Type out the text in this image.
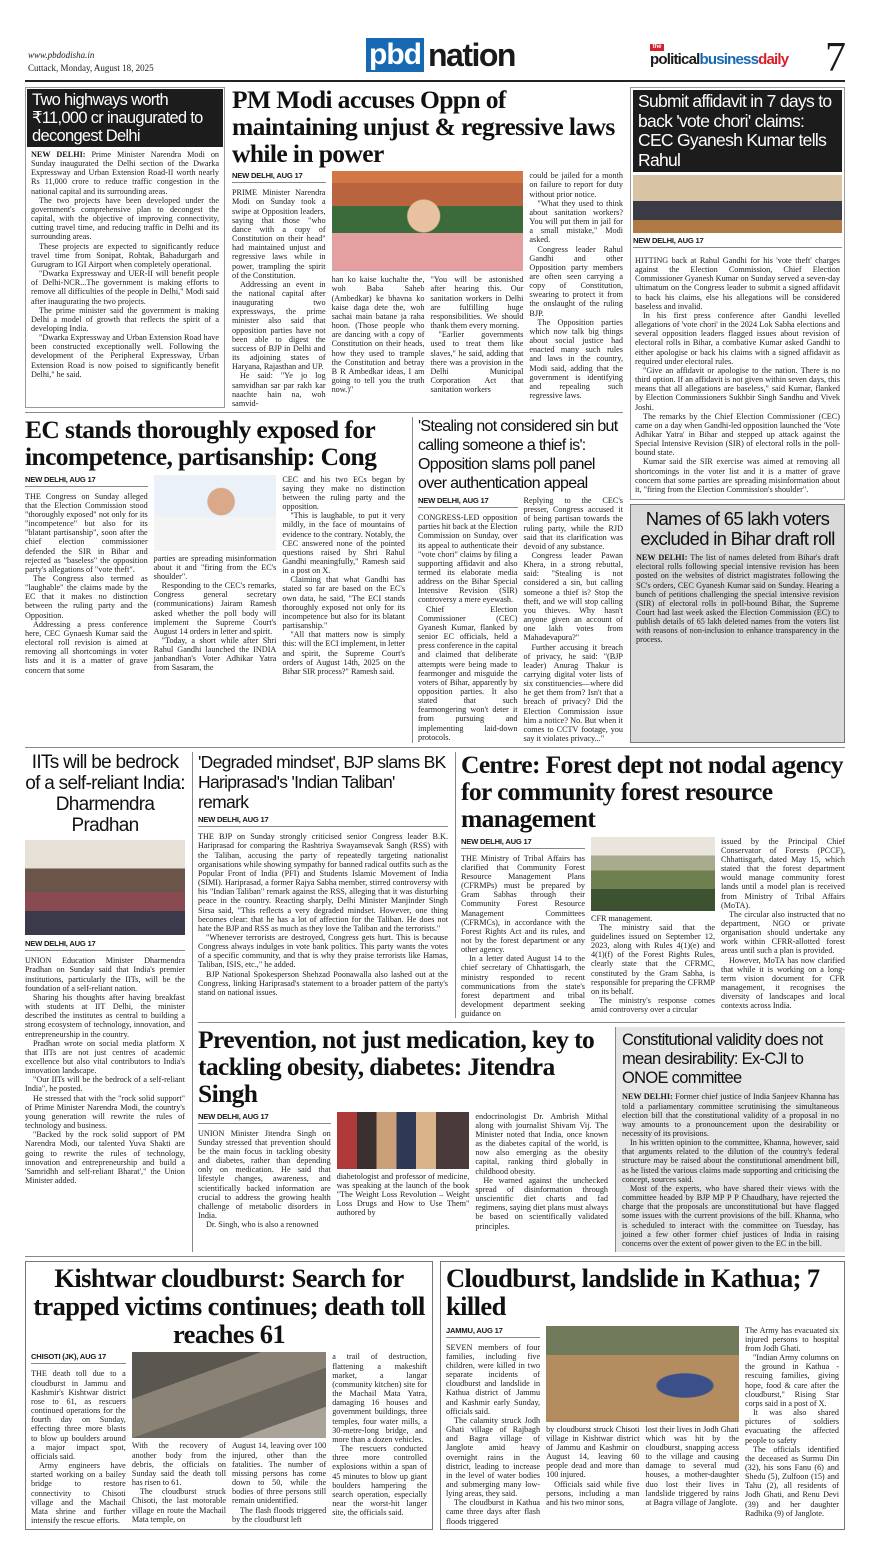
www.pbdodisha.in
Cuttack, Monday, August 18, 2025	pbd nation	the
politicalbusinessdaily 7
Two highways worth ₹11,000 cr inaugurated to decongest Delhi

NEW DELHI: Prime Minister Narendra Modi on Sunday inaugurated the Delhi section of the Dwarka Expressway and Urban Extension Road-II worth nearly Rs 11,000 crore to reduce traffic congestion in the national capital and its surrounding areas.

The two projects have been developed under the government's comprehensive plan to decongest the capital, with the objective of improving connectivity, cutting travel time, and reducing traffic in Delhi and its surrounding areas.

These projects are expected to significantly reduce travel time from Sonipat, Rohtak, Bahadurgarh and Gurugram to IGI Airport when completely operational.

"Dwarka Expressway and UER-II will benefit people of Delhi-NCR...The government is making efforts to remove all difficulties of the people in Delhi," Modi said after inaugurating the two projects.

The prime minister said the government is making Delhi a model of growth that reflects the spirit of a developing India.

"Dwarka Expressway and Urban Extension Road have been constructed exceptionally well. Following the development of the Peripheral Expressway, Urban Extension Road is now poised to significantly benefit Delhi," he said.

PM Modi accuses Oppn of maintaining unjust & regressive laws while in power
NEW DELHI, AUG 17

PRIME Minister Narendra Modi on Sunday took a swipe at Opposition leaders, saying that those "who dance with a copy of Constitution on their head" had maintained unjust and regressive laws while in power, trampling the spirit of the Constitution.

Addressing an event in the national capital after inaugurating two expressways, the prime minister also said that opposition parties have not been able to digest the success of BJP in Delhi and its adjoining states of Haryana, Rajasthan and UP.

He said: "Ye jo log samvidhan sar par rakh kar naachte hain na, woh samvid-

han ko kaise kuchalte the, woh Baba Saheb (Ambedkar) ke bhavna ko kaise daga dete the, woh sachai main batane ja raha hoon. (Those people who are dancing with a copy of Constitution on their heads, how they used to trample the Constitution and betray B R Ambedkar ideas, I am going to tell you the truth now.)"

"You will be astonished after hearing this. Our sanitation workers in Delhi are fulfilling huge responsibilities. We should thank them every morning.

"Earlier governments used to treat them like slaves," he said, adding that there was a provision in the Delhi Municipal Corporation Act that sanitation workers

could be jailed for a month on failure to report for duty without prior notice.

"What they used to think about sanitation workers? You will put them in jail for a small mistake," Modi asked.

Congress leader Rahul Gandhi and other Opposition party members are often seen carrying a copy of Constitution, swearing to protect it from the onslaught of the ruling BJP.

The Opposition parties which now talk big things about social justice had enacted many such rules and laws in the country, Modi said, adding that the government is identifying and repealing such regressive laws.

EC stands thoroughly exposed for incompetence, partisanship: Cong
NEW DELHI, AUG 17

THE Congress on Sunday alleged that the Election Commission stood "thoroughly exposed" not only for its "incompetence" but also for its "blatant partisanship", soon after the chief election commissioner defended the SIR in Bihar and rejected as "baseless" the opposition party's allegations of "vote theft".

The Congress also termed as "laughable" the claims made by the EC that it makes no distinction between the ruling party and the Opposition.

Addressing a press conference here, CEC Gynaesh Kumar said the electoral roll revision is aimed at removing all shortcomings in voter lists and it is a matter of grave concern that some

parties are spreading misinformation about it and "firing from the EC's shoulder".

Responding to the CEC's remarks, Congress general secretary (communications) Jairam Ramesh asked whether the poll body will implement the Supreme Court's August 14 orders in letter and spirit.

"Today, a short while after Shri Rahul Gandhi launched the INDIA janbandhan's Voter Adhikar Yatra from Sasaram, the

CEC and his two ECs began by saying they make no distinction between the ruling party and the opposition.

"This is laughable, to put it very mildly, in the face of mountains of evidence to the contrary. Notably, the CEC answered none of the pointed questions raised by Shri Rahul Gandhi meaningfully," Ramesh said in a post on X.

Claiming that what Gandhi has stated so far are based on the EC's own data, he said, "The ECI stands thoroughly exposed not only for its incompetence but also for its blatant partisanship."

"All that matters now is simply this: will the ECI implement, in letter and spirit, the Supreme Court's orders of August 14th, 2025 on the Bihar SIR process?" Ramesh said.

'Stealing not considered sin but calling someone a thief is': Opposition slams poll panel over authentication appeal
NEW DELHI, AUG 17

CONGRESS-LED opposition parties hit back at the Election Commission on Sunday, over its appeal to authenticate their "vote chori" claims by filing a supporting affidavit and also termed its elaborate media address on the Bihar Special Intensive Revision (SIR) controversy a mere eyewash.

Chief Election Commissioner (CEC) Gyanesh Kumar, flanked by senior EC officials, held a press conference in the capital and claimed that deliberate attempts were being made to fearmonger and misguide the voters of Bihar, apparently by opposition parties. It also stated that such fearmongering won't deter it from pursuing and implementing laid-down protocols.

Replying to the CEC's presser, Congress accused it of being partisan towards the ruling party, while the RJD said that its clarification was devoid of any substance.

Congress leader Pawan Khera, in a strong rebuttal, said: "Stealing is not considered a sin, but calling someone a thief is? Stop the theft, and we will stop calling you thieves. Why hasn't anyone given an account of one lakh votes from Mahadevapura?"

Further accusing it breach of privacy, he said: "(BJP leader) Anurag Thakur is carrying digital voter lists of six constituencies—where did he get them from? Isn't that a breach of privacy? Did the Election Commission issue him a notice? No. But when it comes to CCTV footage, you say it violates privacy..."

Submit affidavit in 7 days to back 'vote chori' claims: CEC Gyanesh Kumar tells Rahul
NEW DELHI, AUG 17

HITTING back at Rahul Gandhi for his 'vote theft' charges against the Election Commission, Chief Election Commissioner Gyanesh Kumar on Sunday served a seven-day ultimatum on the Congress leader to submit a signed affidavit to back his claims, else his allegations will be considered baseless and invalid.

In his first press conference after Gandhi levelled allegations of 'vote chori' in the 2024 Lok Sabha elections and several opposition leaders flagged issues about revision of electoral rolls in Bihar, a combative Kumar asked Gandhi to either apologise or back his claims with a signed affidavit as required under electoral rules.

"Give an affidavit or apologise to the nation. There is no third option. If an affidavit is not given within seven days, this means that all allegations are baseless," said Kumar, flanked by Election Commissioners Sukhbir Singh Sandhu and Vivek Joshi.

The remarks by the Chief Election Commissioner (CEC) came on a day when Gandhi-led opposition launched the 'Vote Adhikar Yatra' in Bihar and stepped up attack against the Special Intensive Revision (SIR) of electoral rolls in the poll-bound state.

Kumar said the SIR exercise was aimed at removing all shortcomings in the voter list and it is a matter of grave concern that some parties are spreading misinformation about it, "firing from the Election Commission's shoulder".

Names of 65 lakh voters excluded in Bihar draft roll

NEW DELHI: The list of names deleted from Bihar's draft electoral rolls following special intensive revision has been posted on the websites of district magistrates following the SC's orders, CEC Gyanesh Kumar said on Sunday. Hearing a bunch of petitions challenging the special intensive revision (SIR) of electoral rolls in poll-bound Bihar, the Supreme Court had last week asked the Election Commission (EC) to publish details of 65 lakh deleted names from the voters list with reasons of non-inclusion to enhance transparency in the process.

IITs will be bedrock of a self-reliant India: Dharmendra Pradhan
NEW DELHI, AUG 17

UNION Education Minister Dharmendra Pradhan on Sunday said that India's premier institutions, particularly the IITs, will be the foundation of a self-reliant nation.

Sharing his thoughts after having breakfast with students at IIT Delhi, the minister described the institutes as central to building a strong ecosystem of technology, innovation, and entrepreneurship in the country.

Pradhan wrote on social media platform X that IITs are not just centres of academic excellence but also vital contributors to India's innovation landscape.

"Our IITs will be the bedrock of a self-reliant India", he posted.

He stressed that with the "rock solid support" of Prime Minister Narendra Modi, the country's young generation will rewrite the rules of technology and business.

"Backed by the rock solid support of PM Narendra Modi, our talented Yuva Shakti are going to rewrite the rules of technology, innovation and entrepreneurship and build a 'Samridhh and self-reliant Bharat'," the Union Minister added.

'Degraded mindset', BJP slams BK Hariprasad's 'Indian Taliban' remark
NEW DELHI, AUG 17

THE BJP on Sunday strongly criticised senior Congress leader B.K. Hariprasad for comparing the Rashtriya Swayamsevak Sangh (RSS) with the Taliban, accusing the party of repeatedly targeting nationalist organisations while showing sympathy for banned radical outfits such as the Popular Front of India (PFI) and Students Islamic Movement of India (SIMI). Hariprasad, a former Rajya Sabha member, stirred controversy with his "Indian Taliban" remark against the RSS, alleging that it was disturbing peace in the country. Reacting sharply, Delhi Minister Manjinder Singh Sirsa said, "This reflects a very degraded mindset. However, one thing becomes clear: that he has a lot of affection for the Taliban. He does not hate the BJP and RSS as much as they love the Taliban and the terrorists."

"Whenever terrorists are destroyed, Congress gets hurt. This is because Congress always indulges in vote bank politics. This party wants the votes of a specific community, and that is why they praise terrorists like Hamas, Taliban, ISIS, etc.," he added.

BJP National Spokesperson Shehzad Poonawalla also lashed out at the Congress, linking Hariprasad's statement to a broader pattern of the party's stand on national issues.

Centre: Forest dept not nodal agency for community forest resource management
NEW DELHI, AUG 17

THE Ministry of Tribal Affairs has clarified that Community Forest Resource Management Plans (CFRMPs) must be prepared by Gram Sabhas through their Community Forest Resource Management Committees (CFRMCs), in accordance with the Forest Rights Act and its rules, and not by the forest department or any other agency.

In a letter dated August 14 to the chief secretary of Chhattisgarh, the ministry responded to recent communications from the state's forest department and tribal development department seeking guidance on

CFR management.

The ministry said that the guidelines issued on September 12, 2023, along with Rules 4(1)(e) and 4(1)(f) of the Forest Rights Rules, clearly state that the CFRMC, constituted by the Gram Sabha, is responsible for preparing the CFRMP on its behalf.

The ministry's response comes amid controversy over a circular

issued by the Principal Chief Conservator of Forests (PCCF), Chhattisgarh, dated May 15, which stated that the forest department would manage community forest lands until a model plan is received from Ministry of Tribal Affairs (MoTA).

The circular also instructed that no department, NGO or private organisation should undertake any work within CFRR-allotted forest areas until such a plan is provided.

However, MoTA has now clarified that while it is working on a long-term vision document for CFR management, it recognises the diversity of landscapes and local contexts across India.

Prevention, not just medication, key to tackling obesity, diabetes: Jitendra Singh
NEW DELHI, AUG 17

UNION Minister Jitendra Singh on Sunday stressed that prevention should be the main focus in tackling obesity and diabetes, rather than depending only on medication. He said that lifestyle changes, awareness, and scientifically backed information are crucial to address the growing health challenge of metabolic disorders in India.

Dr. Singh, who is also a renowned

diabetologist and professor of medicine, was speaking at the launch of the book "The Weight Loss Revolution – Weight Loss Drugs and How to Use Them" authored by

endocrinologist Dr. Ambrish Mithal along with journalist Shivam Vij. The Minister noted that India, once known as the diabetes capital of the world, is now also emerging as the obesity capital, ranking third globally in childhood obesity.

He warned against the unchecked spread of disinformation through unscientific diet charts and fad regimens, saying diet plans must always be based on scientifically validated principles.

Constitutional validity does not mean desirability: Ex-CJI to ONOE committee

NEW DELHI: Former chief justice of India Sanjeev Khanna has told a parliamentary committee scrutinising the simultaneous election bill that the constitutional validity of a proposal in no way amounts to a pronouncement upon the desirability or necessity of its provisions.

In his written opinion to the committee, Khanna, however, said that arguments related to the dilution of the country's federal structure may be raised about the constitutional amendment bill, as he listed the various claims made supporting and criticising the concept, sources said.

Most of the experts, who have shared their views with the committee headed by BJP MP P P Chaudhary, have rejected the charge that the proposals are unconstitutional but have flagged some issues with the current provisions of the bill. Khanna, who is scheduled to interact with the committee on Tuesday, has joined a few other former chief justices of India in raising concerns over the extent of power given to the EC in the bill.

Kishtwar cloudburst: Search for trapped victims continues; death toll reaches 61
CHISOTI (JK), AUG 17

THE death toll due to a cloudburst in Jammu and Kashmir's Kishtwar district rose to 61, as rescuers continued operations for the fourth day on Sunday, effecting three more blasts to blow up boulders around a major impact spot, officials said.

Army engineers have started working on a bailey bridge to restore connectivity to Chisoti village and the Machail Mata shrine and further intensify the rescue efforts.

With the recovery of another body from the debris, the officials on Sunday said the death toll has risen to 61.

The cloudburst struck Chisoti, the last motorable village en route the Machail Mata temple, on

August 14, leaving over 100 injured, other than the fatalities. The number of missing persons has come down to 50, while the bodies of three persons still remain unidentified.

The flash floods triggered by the cloudburst left

a trail of destruction, flattening a makeshift market, a langar (community kitchen) site for the Machail Mata Yatra, damaging 16 houses and government buildings, three temples, four water mills, a 30-metre-long bridge, and more than a dozen vehicles.

The rescuers conducted three more controlled explosions within a span of 45 minutes to blow up giant boulders hampering the search operation, especially near the worst-hit langer site, the officials said.

Cloudburst, landslide in Kathua; 7 killed
JAMMU, AUG 17

SEVEN members of four families, including five children, were killed in two separate incidents of cloudburst and landslide in Kathua district of Jammu and Kashmir early Sunday, officials said.

The calamity struck Jodh Ghati village of Rajbagh and Bagra village of Janglote amid heavy overnight rains in the district, leading to increase in the level of water bodies and submerging many low-lying areas, they said.

The cloudburst in Kathua came three days after flash floods triggered

by cloudburst struck Chisoti village in Kishtwar district of Jammu and Kashmir on August 14, leaving 60 people dead and more than 100 injured.

Officials said while five persons, including a man and his two minor sons,

lost their lives in Jodh Ghati which was hit by the cloudburst, snapping access to the village and causing damage to several mud houses, a mother-daughter duo lost their lives in landslide triggered by rains at Bagra village of Janglote.

The Army has evacuated six injured persons to hospital from Jodh Ghati.

"Indian Army columns on the ground in Kathua - rescuing families, giving hope, food & care after the cloudburst," Rising Star corps said in a post of X.

It was also shared pictures of soldiers evacuating the affected people to safety

The officials identified the deceased as Surmu Din (32), his sons Fanu (6) and Shedu (5), Zulfoon (15) and Tahu (2), all residents of Jodh Ghati, and Renu Devi (39) and her daughter Radhika (9) of Janglote.
